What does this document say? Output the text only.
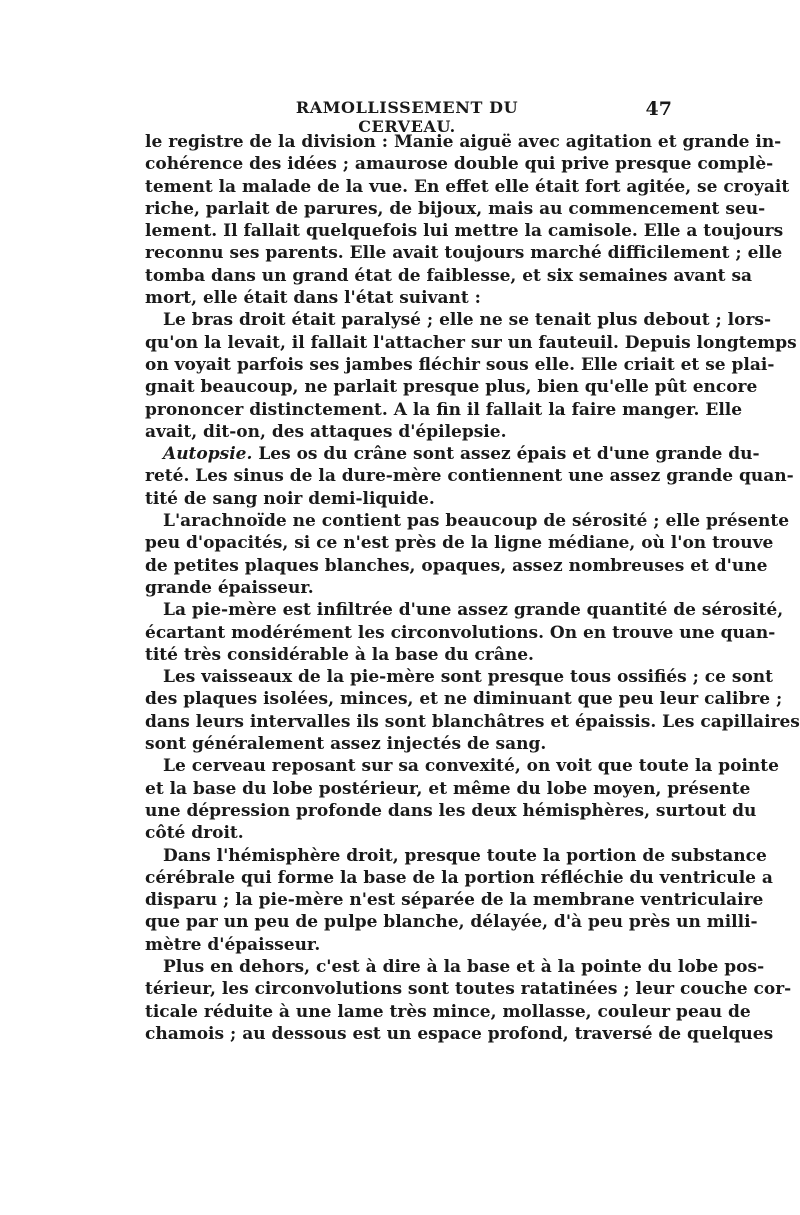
RAMOLLISSEMENT DU CERVEAU.
47
le registre de la division : Manie aiguë avec agitation et grande in-
cohérence des idées ; amaurose double qui prive presque complè-
tement la malade de la vue. En effet elle était fort agitée, se croyait
riche, parlait de parures, de bijoux, mais au commencement seu-
lement. Il fallait quelquefois lui mettre la camisole. Elle a toujours
reconnu ses parents. Elle avait toujours marché difficilement ; elle
tomba dans un grand état de faiblesse, et six semaines avant sa
mort, elle était dans l'état suivant :
Le bras droit était paralysé ; elle ne se tenait plus debout ; lors-
qu'on la levait, il fallait l'attacher sur un fauteuil. Depuis longtemps
on voyait parfois ses jambes fléchir sous elle. Elle criait et se plai-
gnait beaucoup, ne parlait presque plus, bien qu'elle pût encore
prononcer distinctement. A la fin il fallait la faire manger. Elle
avait, dit-on, des attaques d'épilepsie.
Autopsie. Les os du crâne sont assez épais et d'une grande du-
reté. Les sinus de la dure-mère contiennent une assez grande quan-
tité de sang noir demi-liquide.
L'arachnoïde ne contient pas beaucoup de sérosité ; elle présente
peu d'opacités, si ce n'est près de la ligne médiane, où l'on trouve
de petites plaques blanches, opaques, assez nombreuses et d'une
grande épaisseur.
La pie-mère est infiltrée d'une assez grande quantité de sérosité,
écartant modérément les circonvolutions. On en trouve une quan-
tité très considérable à la base du crâne.
Les vaisseaux de la pie-mère sont presque tous ossifiés ; ce sont
des plaques isolées, minces, et ne diminuant que peu leur calibre ;
dans leurs intervalles ils sont blanchâtres et épaissis. Les capillaires
sont généralement assez injectés de sang.
Le cerveau reposant sur sa convexité, on voit que toute la pointe
et la base du lobe postérieur, et même du lobe moyen, présente
une dépression profonde dans les deux hémisphères, surtout du
côté droit.
Dans l'hémisphère droit, presque toute la portion de substance
cérébrale qui forme la base de la portion réfléchie du ventricule a
disparu ; la pie-mère n'est séparée de la membrane ventriculaire
que par un peu de pulpe blanche, délayée, d'à peu près un milli-
mètre d'épaisseur.
Plus en dehors, c'est à dire à la base et à la pointe du lobe pos-
térieur, les circonvolutions sont toutes ratatinées ; leur couche cor-
ticale réduite à une lame très mince, mollasse, couleur peau de
chamois ; au dessous est un espace profond, traversé de quelques
